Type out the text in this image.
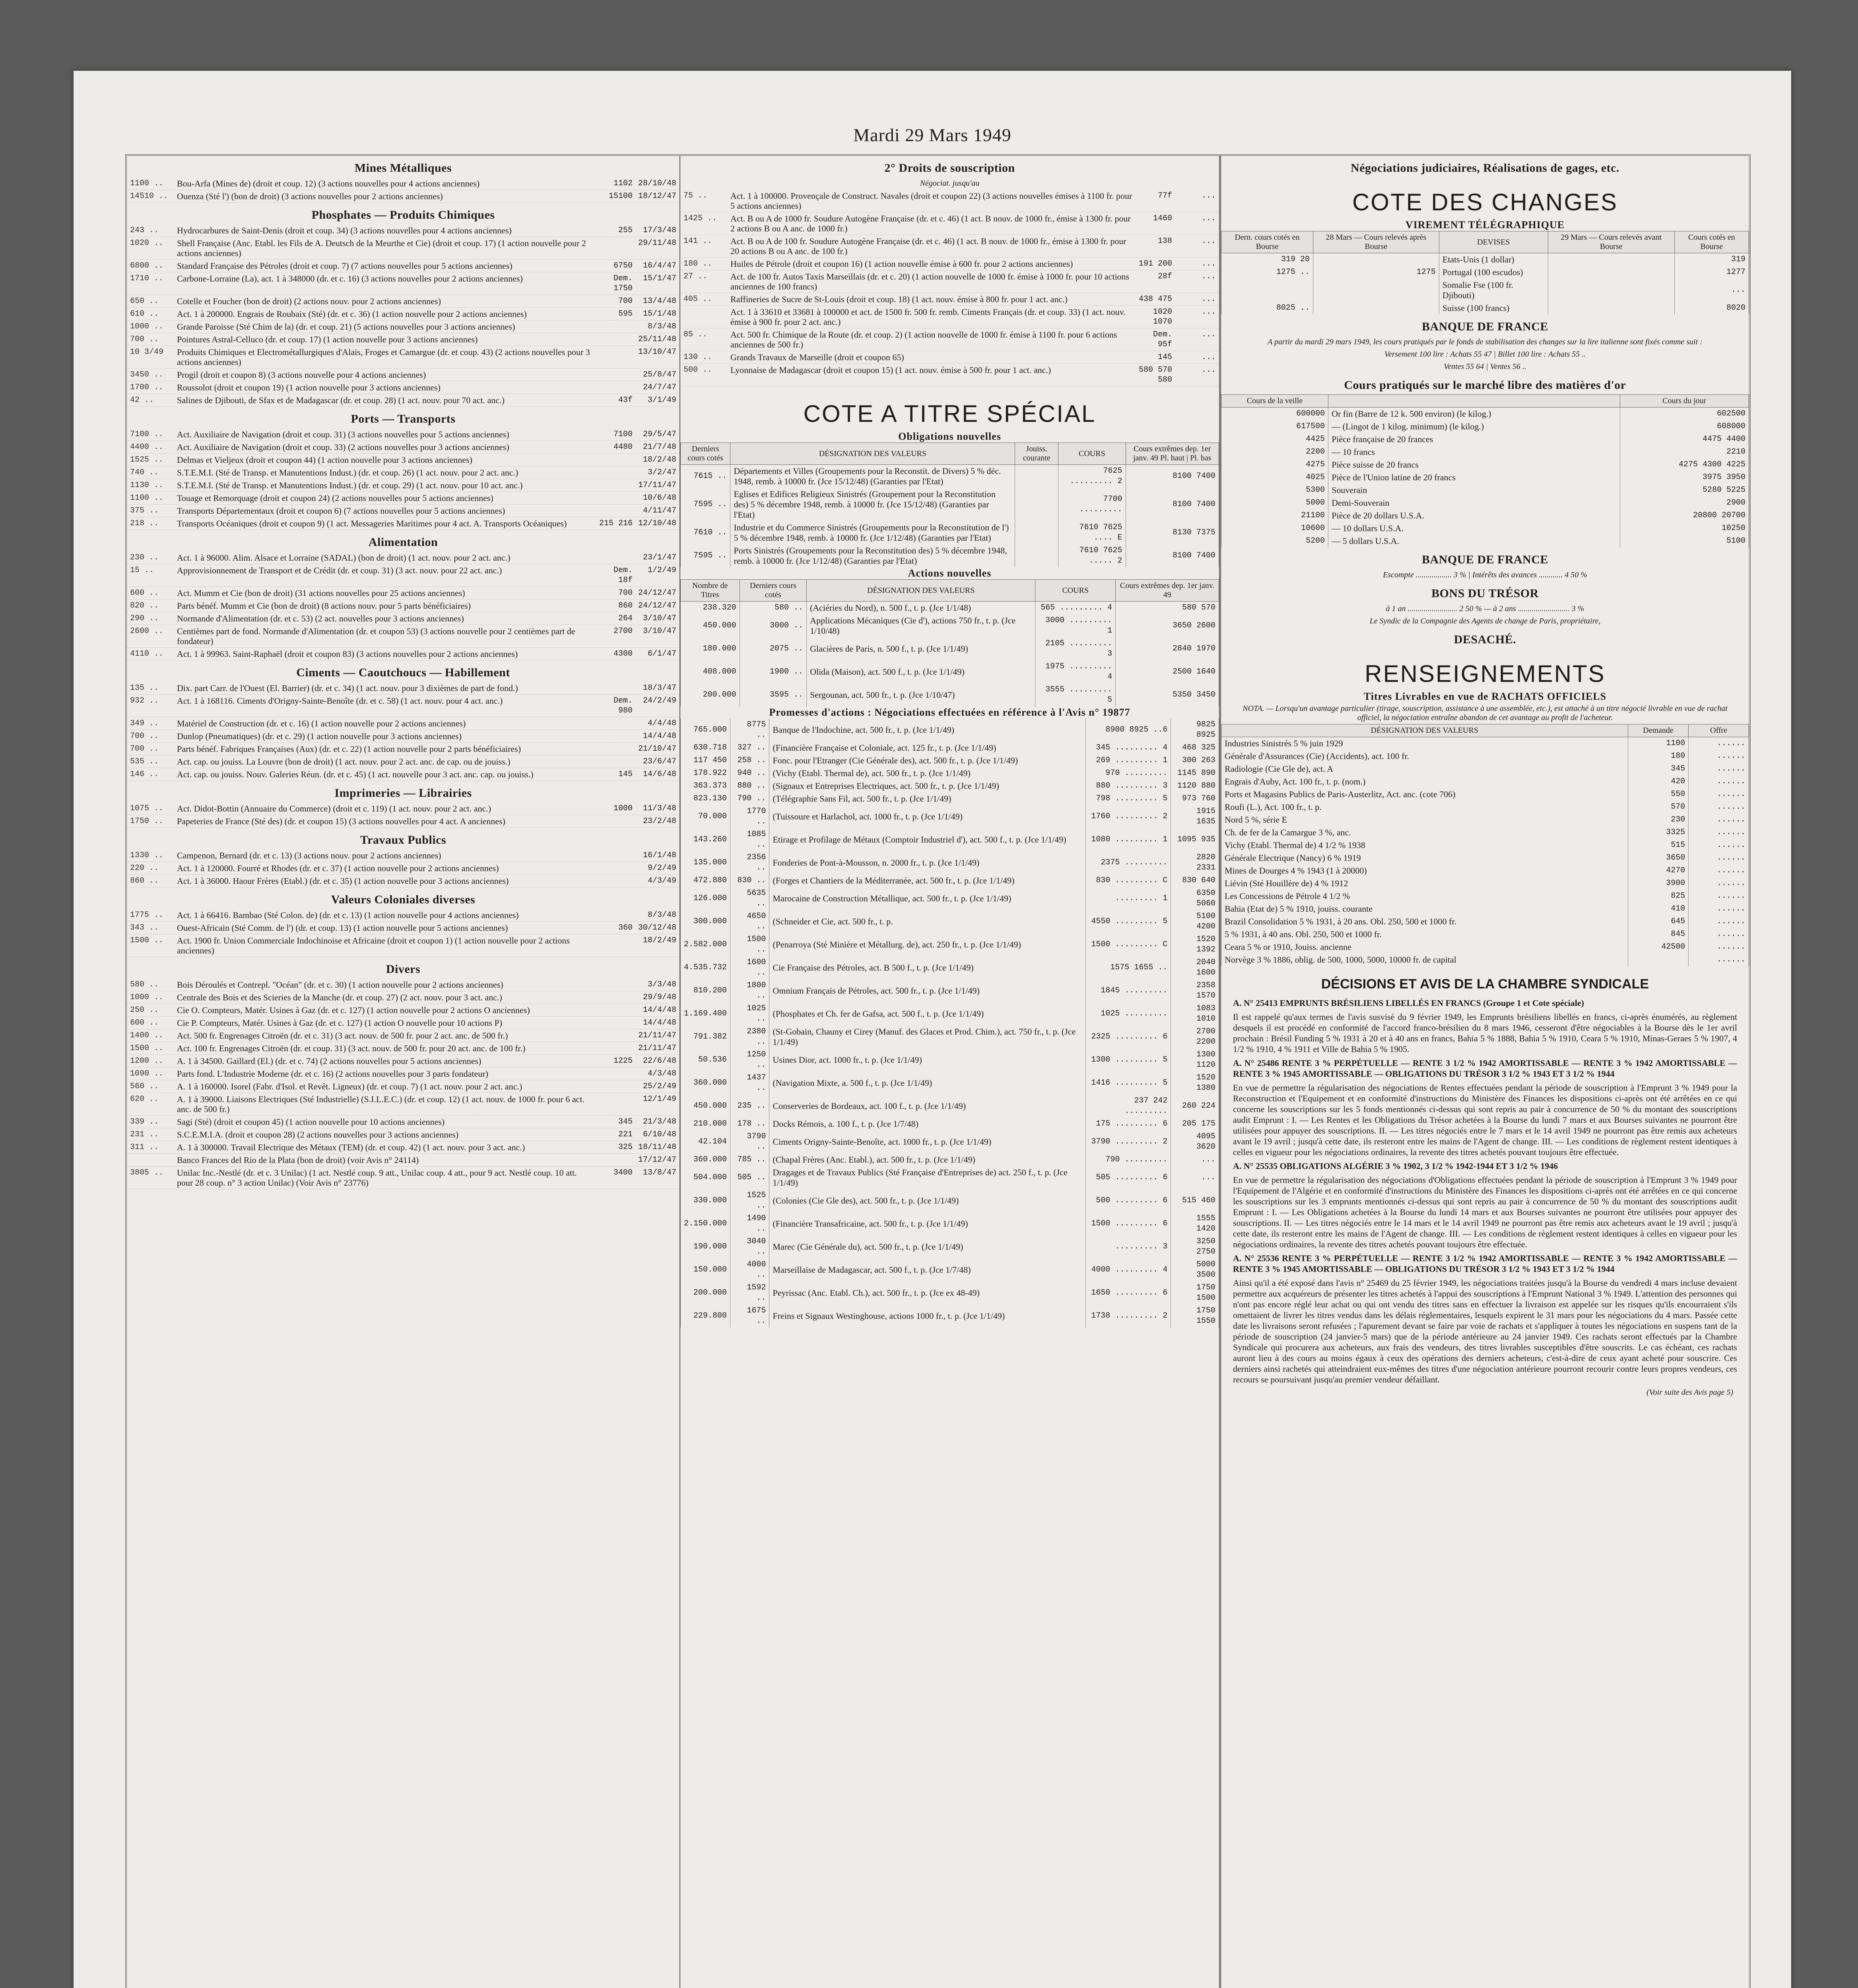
Mardi 29 Mars 1949
Mines Métalliques
1100 ..	Bou-Arfa (Mines de) (droit et coup. 12) (3 actions nouvelles pour 4 actions anciennes)	1102 28/10/48
14510 .. Ouenza (Sté l') (bon de droit) (3 actions nouvelles pour 2 actions anciennes)	15100 18/12/47
Phosphates — Produits Chimiques
243 ..	Hydrocarbures de Saint-Denis (droit et coup. 34) (3 actions nouvelles pour 4 actions anciennes)	255	17/3/48
1020 ..	Shell Française (Anc. Etabl. les Fils de A. Deutsch de la Meurthe et Cie) (droit et coup. 17) (1 action nouvelle pour 2 actions anciennes)
29/11/48
6800 ..	Standard Française des Pétroles (droit et coup. 7) (7 actions nouvelles pour 5 actions anciennes)	6750	16/4/47
1710 ..	Carbone-Lorraine (La), act. 1 à 348000 (dr. et c. 16) (3 actions nouvelles pour 2 actions anciennes)	Dem. 1750
15/1/47
650 ..	Cotelle et Foucher (bon de droit) (2 actions nouv. pour 2 actions anciennes)	700	13/4/48
610 ..	Act. 1 à 200000. Engrais de Roubaix (Sté) (dr. et c. 36) (1 action nouvelle pour 2 actions anciennes)	595	15/1/48
1000 ..	Grande Paroisse (Sté Chim de la) (dr. et coup. 21) (5 actions nouvelles pour 3 actions anciennes)	8/3/48
700 ..	Pointures Astral-Celluco (dr. et coup. 17) (1 action nouvelle pour 3 actions anciennes)	25/11/48
10 3/49	Produits Chimiques et Electrométallurgiques d'Alais, Froges et Camargue (dr. et coup. 43) (2 actions nouvelles pour 3 actions anciennes)
13/10/47
3450 ..	Progil (droit et coupon 8) (3 actions nouvelle pour 4 actions anciennes)	25/8/47
1700 ..	Roussolot (droit et coupon 19) (1 action nouvelle pour 3 actions anciennes)	24/7/47
42 ..	Salines de Djibouti, de Sfax et de Madagascar (dr. et coup. 28) (1 act. nouv. pour 70 act. anc.)	43f	3/1/49
Ports — Transports
7100 ..	Act. Auxiliaire de Navigation (droit et coup. 31) (3 actions nouvelles pour 5 actions anciennes)	7100	29/5/47
4400 ..	Act. Auxiliaire de Navigation (droit et coup. 33) (2 actions nouvelles pour 3 actions anciennes)	4480	21/7/48
1525 ..	Delmas et Vieljeux (droit et coupon 44) (1 action nouvelle pour 3 actions anciennes)	18/2/48
740 ..	S.T.E.M.I. (Sté de Transp. et Manutentions Indust.) (dr. et coup. 26) (1 act. nouv. pour 2 act. anc.)	3/2/47
1130 ..	S.T.E.M.I. (Sté de Transp. et Manutentions Indust.) (dr. et coup. 29) (1 act. nouv. pour 10 act. anc.)	17/11/47
1100 ..	Touage et Remorquage (droit et coupon 24) (2 actions nouvelles pour 5 actions anciennes)	10/6/48
375 ..	Transports Départementaux (droit et coupon 6) (7 actions nouvelles pour 5 actions anciennes)	4/11/47
218 ..	Transports Océaniques (droit et coupon 9) (1 act. Messageries Maritimes pour 4 act. A. Transports Océaniques)	215 216 12/10/48
Alimentation
230 ..	Act. 1 à 96000. Alim. Alsace et Lorraine (SADAL) (bon de droit) (1 act. nouv. pour 2 act. anc.)	23/1/47
15 ..	Approvisionnement de Transport et de Crédit (dr. et coup. 31) (3 act. nouv. pour 22 act. anc.)	Dem. 18f
1/2/49
600 ..	Act. Mumm et Cie (bon de droit) (31 actions nouvelles pour 25 actions anciennes)	700 24/12/47
820 ..	Parts bénéf. Mumm et Cie (bon de droit) (8 actions nouv. pour 5 parts bénéficiaires)	860 24/12/47
290 ..	Normande d'Alimentation (dr. et c. 53) (2 act. nouvelles pour 3 actions anciennes)	264	3/10/47
2600 ..	Centièmes part de fond. Normande d'Alimentation (dr. et coupon 53) (3 actions nouvelle pour 2 centièmes part de fondateur)
2700	3/10/47
4110 ..	Act. 1 à 99963. Saint-Raphaël (droit et coupon 83) (3 actions nouvelles pour 2 actions anciennes)	4300	6/1/47
Ciments — Caoutchoucs — Habillement
135 ..	Dix. part Carr. de l'Ouest (El. Barrier) (dr. et c. 34) (1 act. nouv. pour 3 dixièmes de part de fond.)	18/3/47
932 ..	Act. 1 à 168116. Ciments d'Origny-Sainte-Benoîte (dr. et c. 58) (1 act. nouv. pour 4 act. anc.)	Dem. 980
24/2/49
349 ..	Matériel de Construction (dr. et c. 16) (1 action nouvelle pour 2 actions anciennes)	4/4/48
700 ..	Dunlop (Pneumatiques) (dr. et c. 29) (1 action nouvelle pour 3 actions anciennes)	14/4/48
700 ..	Parts bénéf. Fabriques Françaises (Aux) (dr. et c. 22) (1 action nouvelle pour 2 parts bénéficiaires)	21/10/47
535 ..	Act. cap. ou jouiss. La Louvre (bon de droit) (1 act. nouv. pour 2 act. anc. de cap. ou de jouiss.)	23/6/47
146 ..	Act. cap. ou jouiss. Nouv. Galeries Réun. (dr. et c. 45) (1 act. nouvelle pour 3 act. anc. cap. ou jouiss.)	145	14/6/48
Imprimeries — Librairies
1075 ..	Act. Didot-Bottin (Annuaire du Commerce) (droit et c. 119) (1 act. nouv. pour 2 act. anc.)	1000	11/3/48
1750 ..	Papeteries de France (Sté des) (dr. et coupon 15) (3 actions nouvelles pour 4 act. A anciennes)	23/2/48
Travaux Publics
1330 ..	Campenon, Bernard (dr. et c. 13) (3 actions nouv. pour 2 actions anciennes)	16/1/48
220 ..	Act. 1 à 120000. Fourré et Rhodes (dr. et c. 37) (1 action nouvelle pour 2 actions anciennes)	9/2/49
860 ..	Act. 1 à 36000. Haour Frères (Etabl.) (dr. et c. 35) (1 action nouvelle pour 3 actions anciennes)	4/3/49
Valeurs Coloniales diverses
1775 ..	Act. 1 à 66416. Bambao (Sté Colon. de) (dr. et c. 13) (1 action nouvelle pour 4 actions anciennes)	8/3/48
343 ..	Ouest-Africain (Sté Comm. de l') (dr. et coup. 13) (1 action nouvelle pour 5 actions anciennes)	360 30/12/48
1500 ..	Act. 1900 fr. Union Commerciale Indochinoise et Africaine (droit et coupon 1) (1 action nouvelle pour 2 actions anciennes)
18/2/49
Divers
580 ..	Bois Déroulés et Contrepl. "Océan" (dr. et c. 30) (1 action nouvelle pour 2 actions anciennes)	3/3/48
1000 ..	Centrale des Bois et des Scieries de la Manche (dr. et coup. 27) (2 act. nouv. pour 3 act. anc.)	29/9/48
250 ..	Cie O. Compteurs, Matér. Usines à Gaz (dr. et c. 127) (1 action nouvelle pour 2 actions O anciennes)	14/4/48
600 ..	Cie P. Compteurs, Matér. Usines à Gaz (dr. et c. 127) (1 action O nouvelle pour 10 actions P)	14/4/48
1400 ..	Act. 500 fr. Engrenages Citroën (dr. et c. 31) (3 act. nouv. de 500 fr. pour 2 act. anc. de 500 fr.)	21/11/47
1500 ..	Act. 100 fr. Engrenages Citroën (dr. et coup. 31) (3 act. nouv. de 500 fr. pour 20 act. anc. de 100 fr.)	21/11/47
1200 ..	A. 1 à 34500. Gaillard (El.) (dr. et c. 74) (2 actions nouvelles pour 5 actions anciennes)	1225	22/6/48
1090 ..	Parts fond. L'Industrie Moderne (dr. et c. 16) (2 actions nouvelles pour 3 parts fondateur)	4/3/48
560 ..	A. 1 à 160000. Isorel (Fabr. d'Isol. et Revêt. Ligneux) (dr. et coup. 7) (1 act. nouv. pour 2 act. anc.)	25/2/49
620 ..	A. 1 à 39000. Liaisons Electriques (Sté Industrielle) (S.I.L.E.C.) (dr. et coup. 12) (1 act. nouv. de 1000 fr. pour 6 act. anc. de 500 fr.)
12/1/49
339 ..	Sagi (Sté) (droit et coupon 45) (1 action nouvelle pour 10 actions anciennes)	345	21/3/48
231 ..	S.C.E.M.I.A. (droit et coupon 28) (2 actions nouvelles pour 3 actions anciennes)	221	6/10/48
311 ..	A. 1 à 300000. Travail Electrique des Métaux (TEM) (dr. et coup. 42) (1 act. nouv. pour 3 act. anc.)	325 18/11/48
Banco Frances del Rio de la Plata (bon de droit) (voir Avis n° 24114)	17/12/47
3805 ..	Unilac Inc.-Nestlé (dr. et c. 3 Unilac) (1 act. Nestlé coup. 9 att., Unilac coup. 4 att., pour 9 act. Nestlé coup. 10 att. pour 28 coup. n° 3 action Unilac) (Voir Avis n° 23776)
3400	13/8/47
2° Droits de souscription
Négociat. jusqu'au
75 ..	Act. 1 à 100000. Provençale de Construct. Navales (droit et coupon 22) (3 actions nouvelles émises à 1100 fr. pour 5 actions anciennes)
77f	...
1425 ..	Act. B ou A de 1000 fr. Soudure Autogène Française (dr. et c. 46) (1 act. B nouv. de 1000 fr., émise à 1300 fr. pour 2 actions B ou A anc. de 1000 fr.)
1460	...
141 ..	Act. B ou A de 100 fr. Soudure Autogène Française (dr. et c. 46) (1 act. B nouv. de 1000 fr., émise à 1300 fr. pour 20 actions B ou A anc. de 100 fr.)
138	...
180 ..	Huiles de Pétrole (droit et coupon 16) (1 action nouvelle émise à 600 fr. pour 2 actions anciennes)	191 200	...
27 ..	Act. de 100 fr. Autos Taxis Marseillais (dr. et c. 20) (1 action nouvelle de 1000 fr. émise à 1000 fr. pour 10 actions anciennes de 100 francs)
28f	...
405 ..	Raffineries de Sucre de St-Louis (droit et coup. 18) (1 act. nouv. émise à 800 fr. pour 1 act. anc.)	438 475	...
Act. 1 à 33610 et 33681 à 100000 et act. de 1500 fr. 500 fr. remb. Ciments Français (dr. et coup. 33) (1 act. nouv. émise à 900 fr. pour 2 act. anc.)
1020 1070
...
85 ..	Act. 500 fr. Chimique de la Route (dr. et coup. 2) (1 action nouvelle de 1000 fr. émise à 1100 fr. pour 6 actions anciennes de 500 fr.)
Dem. 95f
...
130 ..	Grands Travaux de Marseille (droit et coupon 65)	145	...
500 ..	Lyonnaise de Madagascar (droit et coupon 15) (1 act. nouv. émise à 500 fr. pour 1 act. anc.)	580 570 580
...
COTE A TITRE SPÉCIAL
Obligations nouvelles
Derniers cours cotés	DÉSIGNATION DES VALEURS	Jouiss. courante	COURS	Cours extrêmes dep. 1er janv. 49 Pl. haut | Pl. bas
7615 ..	Départements et Villes (Groupements pour la Reconstit. de Divers) 5 % déc. 1948, remb. à 10000 fr. (Jce 15/12/48) (Garanties par l'Etat)		7625 ......... 2	8100 7400
7595 ..	Eglises et Edifices Religieux Sinistrés (Groupement pour la Reconstitution des) 5 % décembre 1948, remb. à 10000 fr. (Jce 15/12/48) (Garanties par l'Etat)		7700 .........	8100 7400
7610 ..	Industrie et du Commerce Sinistrés (Groupements pour la Reconstitution de l') 5 % décembre 1948, remb. à 10000 fr. (Jce 1/12/48) (Garanties par l'Etat)		7610 7625 .... E	8130 7375
7595 ..	Ports Sinistrés (Groupements pour la Reconstitution des) 5 % décembre 1948, remb. à 10000 fr. (Jce 1/12/48) (Garanties par l'Etat)		7610 7625 ..... 2	8100 7400
Actions nouvelles
Nombre de Titres	Derniers cours cotés	DÉSIGNATION DES VALEURS	COURS	Cours extrêmes dep. 1er janv. 49
238.320	580 ..	(Aciéries du Nord), n. 500 f., t. p. (Jce 1/1/48)	565 ......... 4	580 570
450.000	3000 ..	Applications Mécaniques (Cie d'), actions 750 fr., t. p. (Jce 1/10/48)	3000 ......... 1	3650 2600
180.000	2075 ..	Glacières de Paris, n. 500 f., t. p. (Jce 1/1/49)	2105 ......... 3	2840 1970
408.000	1900 ..	Olida (Maison), act. 500 f., t. p. (Jce 1/1/49)	1975 ......... 4	2500 1640
200.000	3595 ..	Sergounan, act. 500 fr., t. p. (Jce 1/10/47)	3555 ......... 5	5350 3450
Promesses d'actions : Négociations effectuées en référence à l'Avis n° 19877
765.000	8775 ..	Banque de l'Indochine, act. 500 fr., t. p. (Jce 1/1/49)	8900 8925 ..6	9825 8925
630.718	327 ..	(Financière Française et Coloniale, act. 125 fr., t. p. (Jce 1/1/49)	345 ......... 4	468 325
117 450	258 ..	Fonc. pour l'Etranger (Cie Générale des), act. 500 fr., t. p. (Jce 1/1/49)	269 ......... 1	300 263
178.922	940 ..	(Vichy (Etabl. Thermal de), act. 500 fr., t. p. (Jce 1/1/49)	970 .........	1145 890
363.373	880 ..	(Signaux et Entreprises Electriques, act. 500 fr., t. p. (Jce 1/1/49)	880 ......... 3	1120 880
823.130	790 ..	(Télégraphie Sans Fil, act. 500 fr., t. p. (Jce 1/1/49)	798 ......... 5	973 760
70.000	1770 ..	(Tuissoure et Harlachol, act. 1000 fr., t. p. (Jce 1/1/49)	1760 ......... 2	1915 1635
143.260	1085 ..	Etirage et Profilage de Métaux (Comptoir Industriel d'), act. 500 f., t. p. (Jce 1/1/49)	1080 ......... 1	1095 935
135.000	2356 ..	Fonderies de Pont-à-Mousson, n. 2000 fr., t. p. (Jce 1/1/49)	2375 .........	2820 2331
472.880	830 ..	(Forges et Chantiers de la Méditerranée, act. 500 fr., t. p. (Jce 1/1/49)	830 ......... C	830 640
126.000	5635 ..	Marocaine de Construction Métallique, act. 500 fr., t. p. (Jce 1/1/49)	......... 1	6350 5060
300.000	4650 ..	(Schneider et Cie, act. 500 fr., t. p.	4550 ......... 5	5100 4200
2.582.000	1500 ..	(Penarroya (Sté Minière et Métallurg. de), act. 250 fr., t. p. (Jce 1/1/49)	1500 ......... C	1520 1392
4.535.732	1600 ..	Cie Française des Pétroles, act. B 500 f., t. p. (Jce 1/1/49)	1575 1655 ..	2040 1600
810.200	1800 ..	Omnium Français de Pétroles, act. 500 fr., t. p. (Jce 1/1/49)	1845 .........	2358 1570
1.169.400	1025 ..	(Phosphates et Ch. fer de Gafsa, act. 500 f., t. p. (Jce 1/1/49)	1025 .........	1083 1010
791.382	2380 ..	(St-Gobain, Chauny et Cirey (Manuf. des Glaces et Prod. Chim.), act. 750 fr., t. p. (Jce 1/1/49)	2325 ......... 6	2700 2200
50.536	1250 ..	Usines Dior, act. 1000 fr., t. p. (Jce 1/1/49)	1300 ......... 5	1300 1120
360.000	1437 ..	(Navigation Mixte, a. 500 f., t. p. (Jce 1/1/49)	1416 ......... 5	1520 1380
450.000	235 ..	Conserveries de Bordeaux, act. 100 f., t. p. (Jce 1/1/49)	237 242 .........	260 224
210.000	178 ..	Docks Rémois, a. 100 f., t. p. (Jce 1/7/48)	175 ......... 6	205 175
42.104	3790 ..	Ciments Origny-Sainte-Benoîte, act. 1000 fr., t. p. (Jce 1/1/49)	3790 ......... 2	4095 3620
360.000	785 ..	(Chapal Frères (Anc. Etabl.), act. 500 fr., t. p. (Jce 1/1/49)	790 .........	...
504.000	505 ..	Dragages et de Travaux Publics (Sté Française d'Entreprises de) act. 250 f., t. p. (Jce 1/1/49)	505 ......... 6	...
330.000	1525 ..	(Colonies (Cie Gle des), act. 500 fr., t. p. (Jce 1/1/49)	500 ......... 6	515 460
2.150.000	1490 ..	(Financière Transafricaine, act. 500 fr., t. p. (Jce 1/1/49)	1500 ......... 6	1555 1420
190.000	3040 ..	Marec (Cie Générale du), act. 500 fr., t. p. (Jce 1/1/49)	......... 3	3250 2750
150.000	4000 ..	Marseillaise de Madagascar, act. 500 f., t. p. (Jce 1/7/48)	4000 ......... 4	5000 3500
200.000	1592 ..	Peyrissac (Anc. Etabl. Ch.), act. 500 fr., t. p. (Jce ex 48-49)	1650 ......... 6	1750 1500
229.800	1675 ..	Freins et Signaux Westinghouse, actions 1000 fr., t. p. (Jce 1/1/49)	1738 ......... 2	1750 1550
Négociations judiciaires, Réalisations de gages, etc.
COTE DES CHANGES
VIREMENT TÉLÉGRAPHIQUE
Dern. cours cotés en Bourse	28 Mars — Cours relevés après Bourse	DEVISES	29 Mars — Cours relevés avant Bourse	Cours cotés en Bourse
319 20		Etats-Unis (1 dollar)		319
1275 ..	1275	Portugal (100 escudos)		1277
		Somalie Fse (100 fr. Djibouti)		...
8025 ..		Suisse (100 francs)		8020
BANQUE DE FRANCE
A partir du mardi 29 mars 1949, les cours pratiqués par le fonds de stabilisation des changes sur la lire italienne sont fixés comme suit :
Versement 100 lire : Achats 55 47 | Billet 100 lire : Achats 55 ..
Ventes 55 64 | Ventes 56 ..
Cours pratiqués sur le marché libre des matières d'or
Cours de la veille		Cours du jour
600000	Or fin (Barre de 12 k. 500 environ) (le kilog.)	602500
617500	— (Lingot de 1 kilog. minimum) (le kilog.)	608000
4425	Pièce française de 20 frances	4475 4400
2200	— 10 francs	2210
4275	Pièce suisse de 20 francs	4275 4300 4225
4025	Pièce de l'Union latine de 20 francs	3975 3950
5300	Souverain	5280 5225
5000	Demi-Souverain	2900
21100	Pièce de 20 dollars U.S.A.	20800 20700
10600	— 10 dollars U.S.A.	10250
5200	— 5 dollars U.S.A.	5100
BANQUE DE FRANCE
Escompte .................. 3 % | Intérêts des avances ............ 4 50 %
BONS DU TRÉSOR
à 1 an ......................... 2 50 % — à 2 ans .......................... 3 %
Le Syndic de la Compagnie des Agents de change de Paris, propriétaire,
DESACHÉ.
RENSEIGNEMENTS
Titres Livrables en vue de RACHATS OFFICIELS
NOTA. — Lorsqu'un avantage particulier (tirage, souscription, assistance à une assemblée, etc.), est attaché à un titre négocié livrable en vue de rachat officiel, la négociation entraîne abandon de cet avantage au profit de l'acheteur.
DÉSIGNATION DES VALEURS	Demande	Offre
Industries Sinistrés 5 % juin 1929	1100	......
Générale d'Assurances (Cie) (Accidents), act. 100 fr.	180	......
Radiologie (Cie Gle de), act. A	345	......
Engrais d'Auby, Act. 100 fr., t. p. (nom.)	420	......
Ports et Magasins Publics de Paris-Austerlitz, Act. anc. (cote 706)	550	......
Roufi (L.), Act. 100 fr., t. p.	570	......
Nord 5 %, série E	230	......
Ch. de fer de la Camargue 3 %, anc.	3325	......
Vichy (Etabl. Thermal de) 4 1/2 % 1938	515	......
Générale Electrique (Nancy) 6 % 1919	3650	......
Mines de Dourges 4 % 1943 (1 à 20000)	4270	......
Liévin (Sté Houillère de) 4 % 1912	3900	......
Les Concessions de Pétrole 4 1/2 %	825	......
Bahia (Etat de) 5 % 1910, jouiss. courante	410	......
Brazil Consolidation 5 % 1931, à 20 ans. Obl. 250, 500 et 1000 fr.	645	......
5 % 1931, à 40 ans. Obl. 250, 500 et 1000 fr.	845	......
Ceara 5 % or 1910, Jouiss. ancienne	42500	......
Norvège 3 % 1886, oblig. de 500, 1000, 5000, 10000 fr. de capital		......
DÉCISIONS ET AVIS DE LA CHAMBRE SYNDICALE
A. N° 25413 EMPRUNTS BRÉSILIENS LIBELLÉS EN FRANCS (Groupe 1 et Cote spéciale)
Il est rappelé qu'aux termes de l'avis susvisé du 9 février 1949, les Emprunts brésiliens libellés en francs, ci-après énumérés, au règlement desquels il est procédé en conformité de l'accord franco-brésilien du 8 mars 1946, cesseront d'être négociables à la Bourse dès le 1er avril prochain : Brésil Funding 5 % 1931 à 20 et à 40 ans en francs, Bahia 5 % 1888, Bahia 5 % 1910, Ceara 5 % 1910, Minas-Geraes 5 % 1907, 4 1/2 % 1910, 4 % 1911 et Ville de Bahia 5 % 1905.
A. N° 25486 RENTE 3 % PERPÉTUELLE — RENTE 3 1/2 % 1942 AMORTISSABLE — RENTE 3 % 1942 AMORTISSABLE — RENTE 3 % 1945 AMORTISSABLE — OBLIGATIONS DU TRÉSOR 3 1/2 % 1943 ET 3 1/2 % 1944
En vue de permettre la régularisation des négociations de Rentes effectuées pendant la période de souscription à l'Emprunt 3 % 1949 pour la Reconstruction et l'Equipement et en conformité d'instructions du Ministère des Finances les dispositions ci-après ont été arrêtées en ce qui concerne les souscriptions sur les 5 fonds mentionnés ci-dessus qui sont repris au pair à concurrence de 50 % du montant des souscriptions audit Emprunt : I. — Les Rentes et les Obligations du Trésor achetées à la Bourse du lundi 7 mars et aux Bourses suivantes ne pourront être utilisées pour appuyer des souscriptions. II. — Les titres négociés entre le 7 mars et le 14 avril 1949 ne pourront pas être remis aux acheteurs avant le 19 avril ; jusqu'à cette date, ils resteront entre les mains de l'Agent de change. III. — Les conditions de règlement restent identiques à celles en vigueur pour les négociations ordinaires, la revente des titres achetés pouvant toujours être effectuée.
A. N° 25535 OBLIGATIONS ALGÉRIE 3 % 1902, 3 1/2 % 1942-1944 ET 3 1/2 % 1946
En vue de permettre la régularisation des négociations d'Obligations effectuées pendant la période de souscription à l'Emprunt 3 % 1949 pour l'Equipement de l'Algérie et en conformité d'instructions du Ministère des Finances les dispositions ci-après ont été arrêtées en ce qui concerne les souscriptions sur les 3 emprunts mentionnés ci-dessus qui sont repris au pair à concurrence de 50 % du montant des souscriptions audit Emprunt : I. — Les Obligations achetées à la Bourse du lundi 14 mars et aux Bourses suivantes ne pourront être utilisées pour appuyer des souscriptions. II. — Les titres négociés entre le 14 mars et le 14 avril 1949 ne pourront pas être remis aux acheteurs avant le 19 avril ; jusqu'à cette date, ils resteront entre les mains de l'Agent de change. III. — Les conditions de règlement restent identiques à celles en vigueur pour les négociations ordinaires, la revente des titres achetés pouvant toujours être effectuée.
A. N° 25536 RENTE 3 % PERPÉTUELLE — RENTE 3 1/2 % 1942 AMORTISSABLE — RENTE 3 % 1942 AMORTISSABLE — RENTE 3 % 1945 AMORTISSABLE — OBLIGATIONS DU TRÉSOR 3 1/2 % 1943 ET 3 1/2 % 1944
Ainsi qu'il a été exposé dans l'avis n° 25469 du 25 février 1949, les négociations traitées jusqu'à la Bourse du vendredi 4 mars incluse devaient permettre aux acquéreurs de présenter les titres achetés à l'appui des souscriptions à l'Emprunt National 3 % 1949. L'attention des personnes qui n'ont pas encore réglé leur achat ou qui ont vendu des titres sans en effectuer la livraison est appelée sur les risques qu'ils encourraient s'ils omettaient de livrer les titres vendus dans les délais réglementaires, lesquels expirent le 31 mars pour les négociations du 4 mars. Passée cette date les livraisons seront refusées ; l'apurement devant se faire par voie de rachats et s'appliquer à toutes les négociations en suspens tant de la période de souscription (24 janvier-5 mars) que de la période antérieure au 24 janvier 1949. Ces rachats seront effectués par la Chambre Syndicale qui procurera aux acheteurs, aux frais des vendeurs, des titres livrables susceptibles d'être souscrits. Le cas échéant, ces rachats auront lieu à des cours au moins égaux à ceux des opérations des derniers acheteurs, c'est-à-dire de ceux ayant acheté pour souscrire. Ces derniers ainsi rachetés qui atteindraient eux-mêmes des titres d'une négociation antérieure pourront recourir contre leurs propres vendeurs, ces recours se poursuivant jusqu'au premier vendeur défaillant.
(Voir suite des Avis page 5)
